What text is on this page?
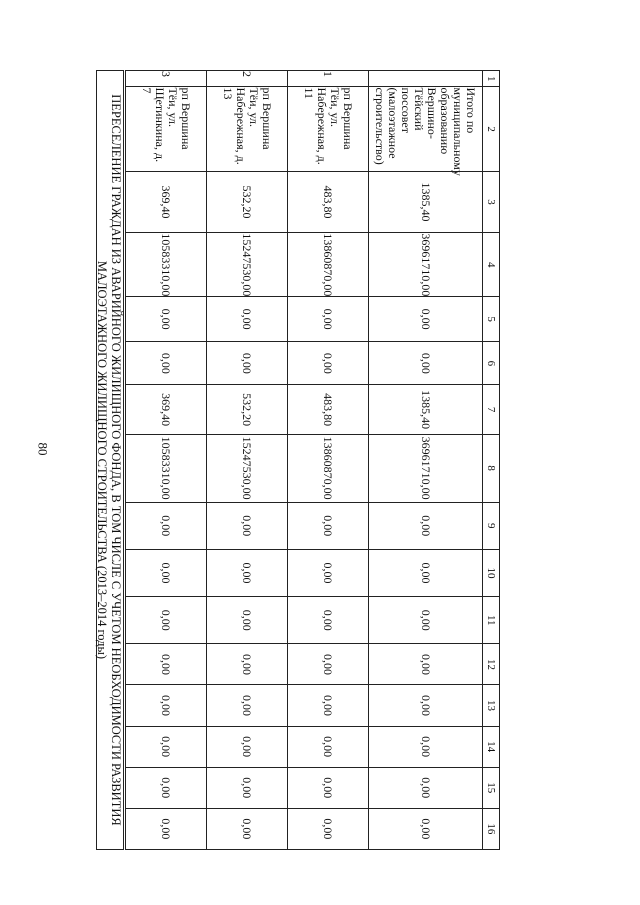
80
1	2	3	4	5	6	7	8	9	10	11	12	13	14	15	16
	Итого по муниципальному образованию Вершино-Тёйский поссовет (малоэтажное строительство)	1385,40	36961710,00	0,00	0,00	1385,40	36961710,00	0,00	0,00	0,00	0,00	0,00	0,00	0,00	0,00
1	рп Вершина Тёи, ул. Набережная, д. 11	483,80	13860870,00	0,00	0,00	483,80	13860870,00	0,00	0,00	0,00	0,00	0,00	0,00	0,00	0,00
2	рп Вершина Тёи, ул. Набережная, д. 13	532,20	15247530,00	0,00	0,00	532,20	15247530,00	0,00	0,00	0,00	0,00	0,00	0,00	0,00	0,00
3	рп Вершина Тёи, ул. Щетинкина, д. 7	369,40	10583310,00	0,00	0,00	369,40	10583310,00	0,00	0,00	0,00	0,00	0,00	0,00	0,00	0,00
ПЕРЕСЕЛЕНИЕ ГРАЖДАН ИЗ АВАРИЙНОГО ЖИЛИЩНОГО ФОНДА, В ТОМ ЧИСЛЕ С УЧЕТОМ НЕОБХОДИМОСТИ РАЗВИТИЯ
МАЛОЭТАЖНОГО ЖИЛИЩНОГО СТРОИТЕЛЬСТВА (2013–2014 годы)
